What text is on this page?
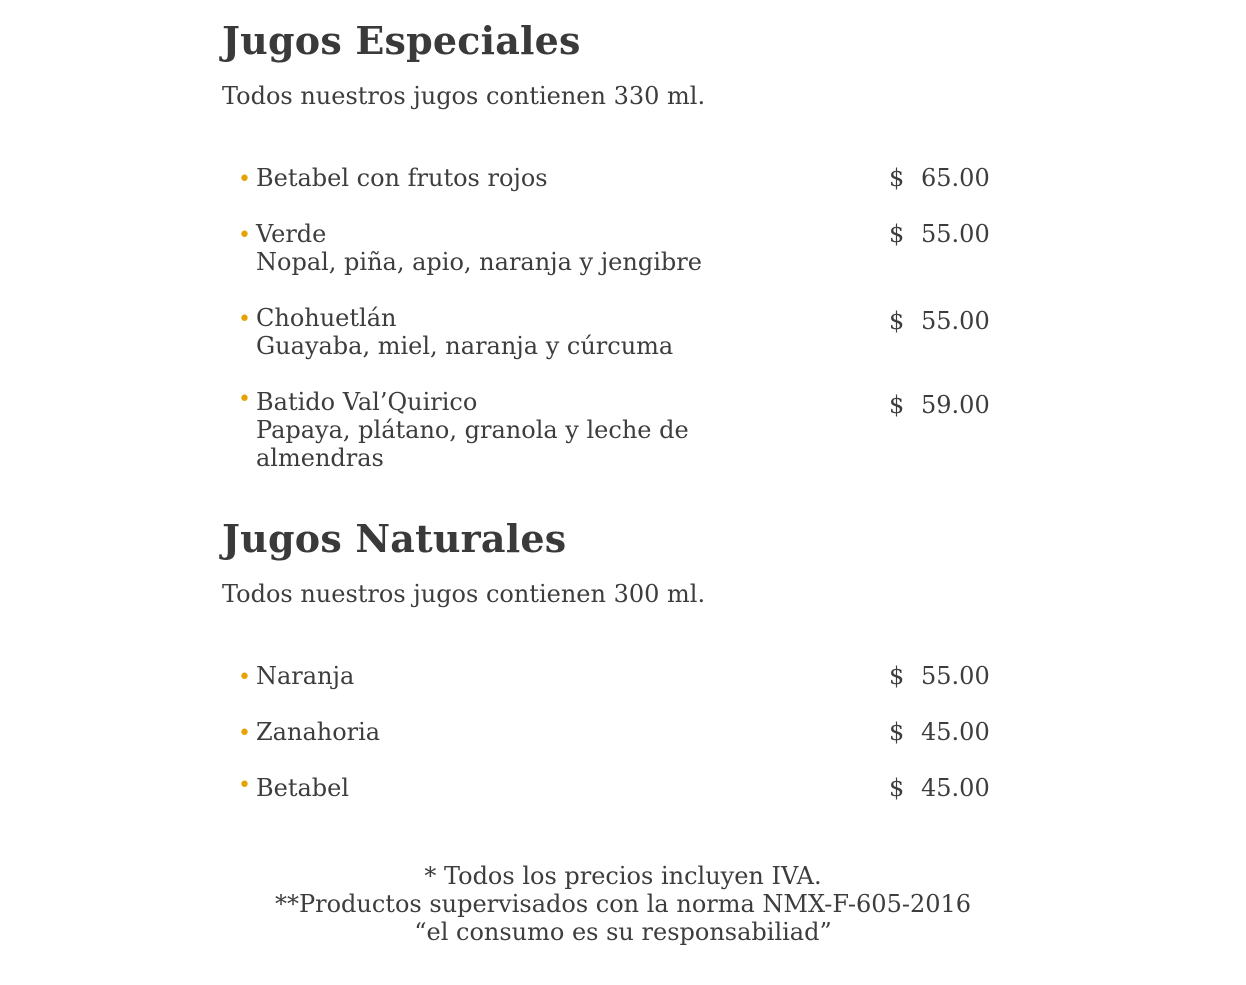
Jugos Especiales

Todos nuestros jugos contienen 330 ml.

• Betabel con frutos rojos	$ 65.00
• Verde
Nopal, piña, apio, naranja y jengibre
$ 55.00
• Chohuetlán
Guayaba, miel, naranja y cúrcuma
$ 55.00
• Batido Val’Quirico
Papaya, plátano, granola y leche de almendras
$ 59.00
Jugos Naturales

Todos nuestros jugos contienen 300 ml.

• Naranja	$ 55.00
• Zanahoria	$ 45.00
• Betabel	$ 45.00
* Todos los precios incluyen IVA.
**Productos supervisados con la norma NMX-F-605-2016
“el consumo es su responsabiliad”
